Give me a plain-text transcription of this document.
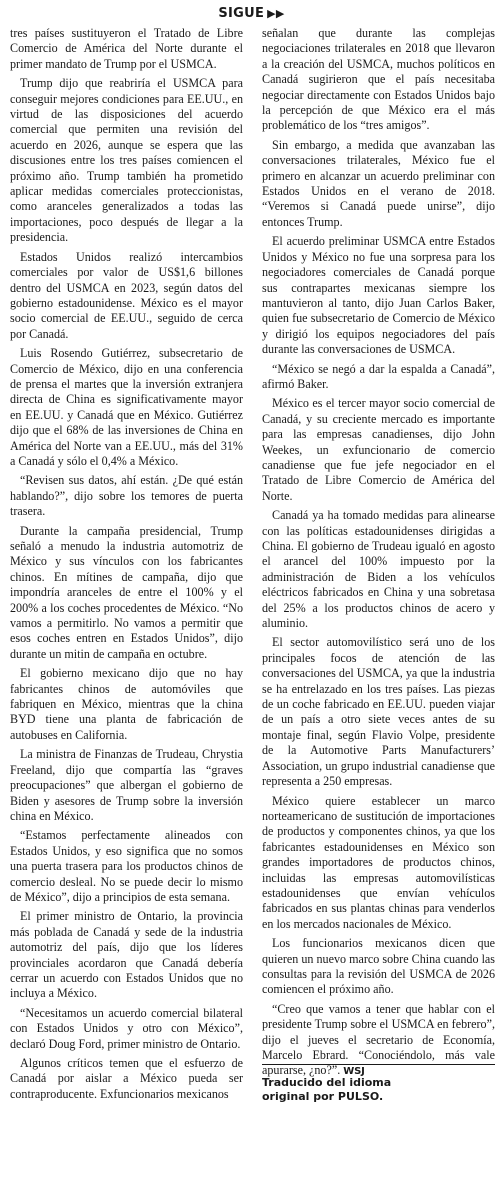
SIGUE ▶▶

tres países sustituyeron el Tratado de Libre Comercio de América del Norte durante el primer mandato de Trump por el USMCA.

Trump dijo que reabriría el USMCA para conseguir mejores condiciones para EE.UU., en virtud de las disposiciones del acuerdo comercial que permiten una revisión del acuerdo en 2026, aunque se espera que las discusiones entre los tres países comiencen el próximo año. Trump también ha prometido aplicar medidas comerciales proteccionistas, como aranceles generalizados a todas las importaciones, poco después de llegar a la presidencia.

Estados Unidos realizó intercambios comerciales por valor de US$1,6 billones dentro del USMCA en 2023, según datos del gobierno estadounidense. México es el mayor socio comercial de EE.UU., seguido de cerca por Canadá.

Luis Rosendo Gutiérrez, subsecretario de Comercio de México, dijo en una conferencia de prensa el martes que la inversión extranjera directa de China es significativamente mayor en EE.UU. y Canadá que en México. Gutiérrez dijo que el 68% de las inversiones de China en América del Norte van a EE.UU., más del 31% a Canadá y sólo el 0,4% a México.

“Revisen sus datos, ahí están. ¿De qué están hablando?”, dijo sobre los temores de puerta trasera.

Durante la campaña presidencial, Trump señaló a menudo la industria automotriz de México y sus vínculos con los fabricantes chinos. En mítines de campaña, dijo que impondría aranceles de entre el 100% y el 200% a los coches procedentes de México. “No vamos a permitirlo. No vamos a permitir que esos coches entren en Estados Unidos”, dijo durante un mitin de campaña en octubre.

El gobierno mexicano dijo que no hay fabricantes chinos de automóviles que fabriquen en México, mientras que la china BYD tiene una planta de fabricación de autobuses en California.

La ministra de Finanzas de Trudeau, Chrystia Freeland, dijo que compartía las “graves preocupaciones” que albergan el gobierno de Biden y asesores de Trump sobre la inversión china en México.

“Estamos perfectamente alineados con Estados Unidos, y eso significa que no somos una puerta trasera para los productos chinos de comercio desleal. No se puede decir lo mismo de México”, dijo a principios de esta semana.

El primer ministro de Ontario, la provincia más poblada de Canadá y sede de la industria automotriz del país, dijo que los líderes provinciales acordaron que Canadá debería cerrar un acuerdo con Estados Unidos que no incluya a México.

“Necesitamos un acuerdo comercial bilateral con Estados Unidos y otro con México”, declaró Doug Ford, primer ministro de Ontario.

Algunos críticos temen que el esfuerzo de Canadá por aislar a México pueda ser contraproducente. Exfuncionarios mexicanos

señalan que durante las complejas negociaciones trilaterales en 2018 que llevaron a la creación del USMCA, muchos políticos en Canadá sugirieron que el país necesitaba negociar directamente con Estados Unidos bajo la percepción de que México era el más problemático de los “tres amigos”.

Sin embargo, a medida que avanzaban las conversaciones trilaterales, México fue el primero en alcanzar un acuerdo preliminar con Estados Unidos en el verano de 2018. “Veremos si Canadá puede unirse”, dijo entonces Trump.

El acuerdo preliminar USMCA entre Estados Unidos y México no fue una sorpresa para los negociadores comerciales de Canadá porque sus contrapartes mexicanas siempre los mantuvieron al tanto, dijo Juan Carlos Baker, quien fue subsecretario de Comercio de México y dirigió los equipos negociadores del país durante las conversaciones de USMCA.

“México se negó a dar la espalda a Canadá”, afirmó Baker.

México es el tercer mayor socio comercial de Canadá, y su creciente mercado es importante para las empresas canadienses, dijo John Weekes, un exfuncionario de comercio canadiense que fue jefe negociador en el Tratado de Libre Comercio de América del Norte.

Canadá ya ha tomado medidas para alinearse con las políticas estadounidenses dirigidas a China. El gobierno de Trudeau igualó en agosto el arancel del 100% impuesto por la administración de Biden a los vehículos eléctricos fabricados en China y una sobretasa del 25% a los productos chinos de acero y aluminio.

El sector automovilístico será uno de los principales focos de atención de las conversaciones del USMCA, ya que la industria se ha entrelazado en los tres países. Las piezas de un coche fabricado en EE.UU. pueden viajar de un país a otro siete veces antes de su montaje final, según Flavio Volpe, presidente de la Automotive Parts Manufacturers’ Association, un grupo industrial canadiense que representa a 250 empresas.

México quiere establecer un marco norteamericano de sustitución de importaciones de productos y componentes chinos, ya que los fabricantes estadounidenses en México son grandes importadores de productos chinos, incluidas las empresas automovilísticas estadounidenses que envían vehículos fabricados en sus plantas chinas para venderlos en los mercados nacionales de México.

Los funcionarios mexicanos dicen que quieren un nuevo marco sobre China cuando las consultas para la revisión del USMCA de 2026 comiencen el próximo año.

“Creo que vamos a tener que hablar con el presidente Trump sobre el USMCA en febrero”, dijo el jueves el secretario de Economía, Marcelo Ebrard. “Conociéndolo, más vale apurarse, ¿no?”. WSJ

Traducido del idioma
original por PULSO.
